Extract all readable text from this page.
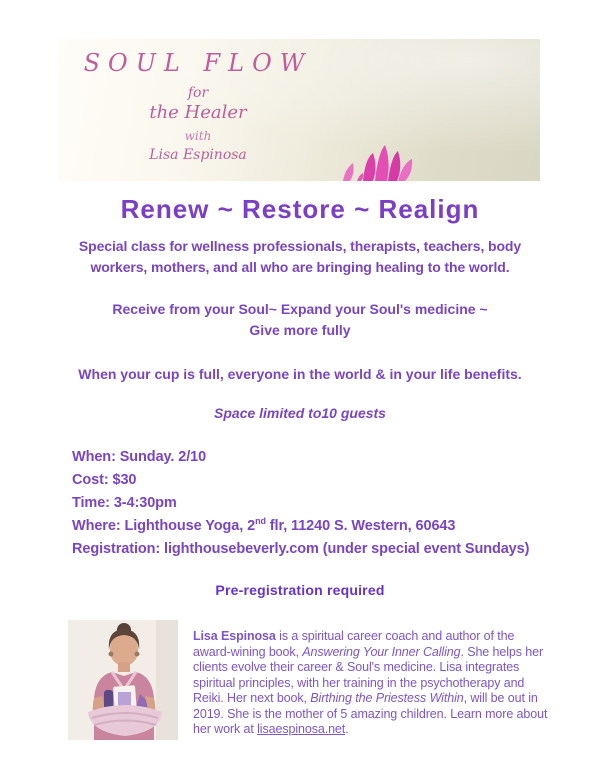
SOUL FLOW
for
the Healer
with
Lisa Espinosa
Renew ~ Restore ~ Realign
Special class for wellness professionals, therapists, teachers, body workers, mothers, and all who are bringing healing to the world.
Receive from your Soul~ Expand your Soul's medicine ~
Give more fully
When your cup is full, everyone in the world & in your life benefits.
Space limited to10 guests
When: Sunday. 2/10
Cost: $30
Time: 3-4:30pm
Where: Lighthouse Yoga, 2nd flr, 11240 S. Western, 60643
Registration: lighthousebeverly.com (under special event Sundays)
Pre-registration required
Lisa Espinosa is a spiritual career coach and author of the award-wining book, Answering Your Inner Calling. She helps her clients evolve their career & Soul's medicine. Lisa integrates spiritual principles, with her training in the psychotherapy and Reiki. Her next book, Birthing the Priestess Within, will be out in 2019. She is the mother of 5 amazing children. Learn more about her work at lisaespinosa.net.
